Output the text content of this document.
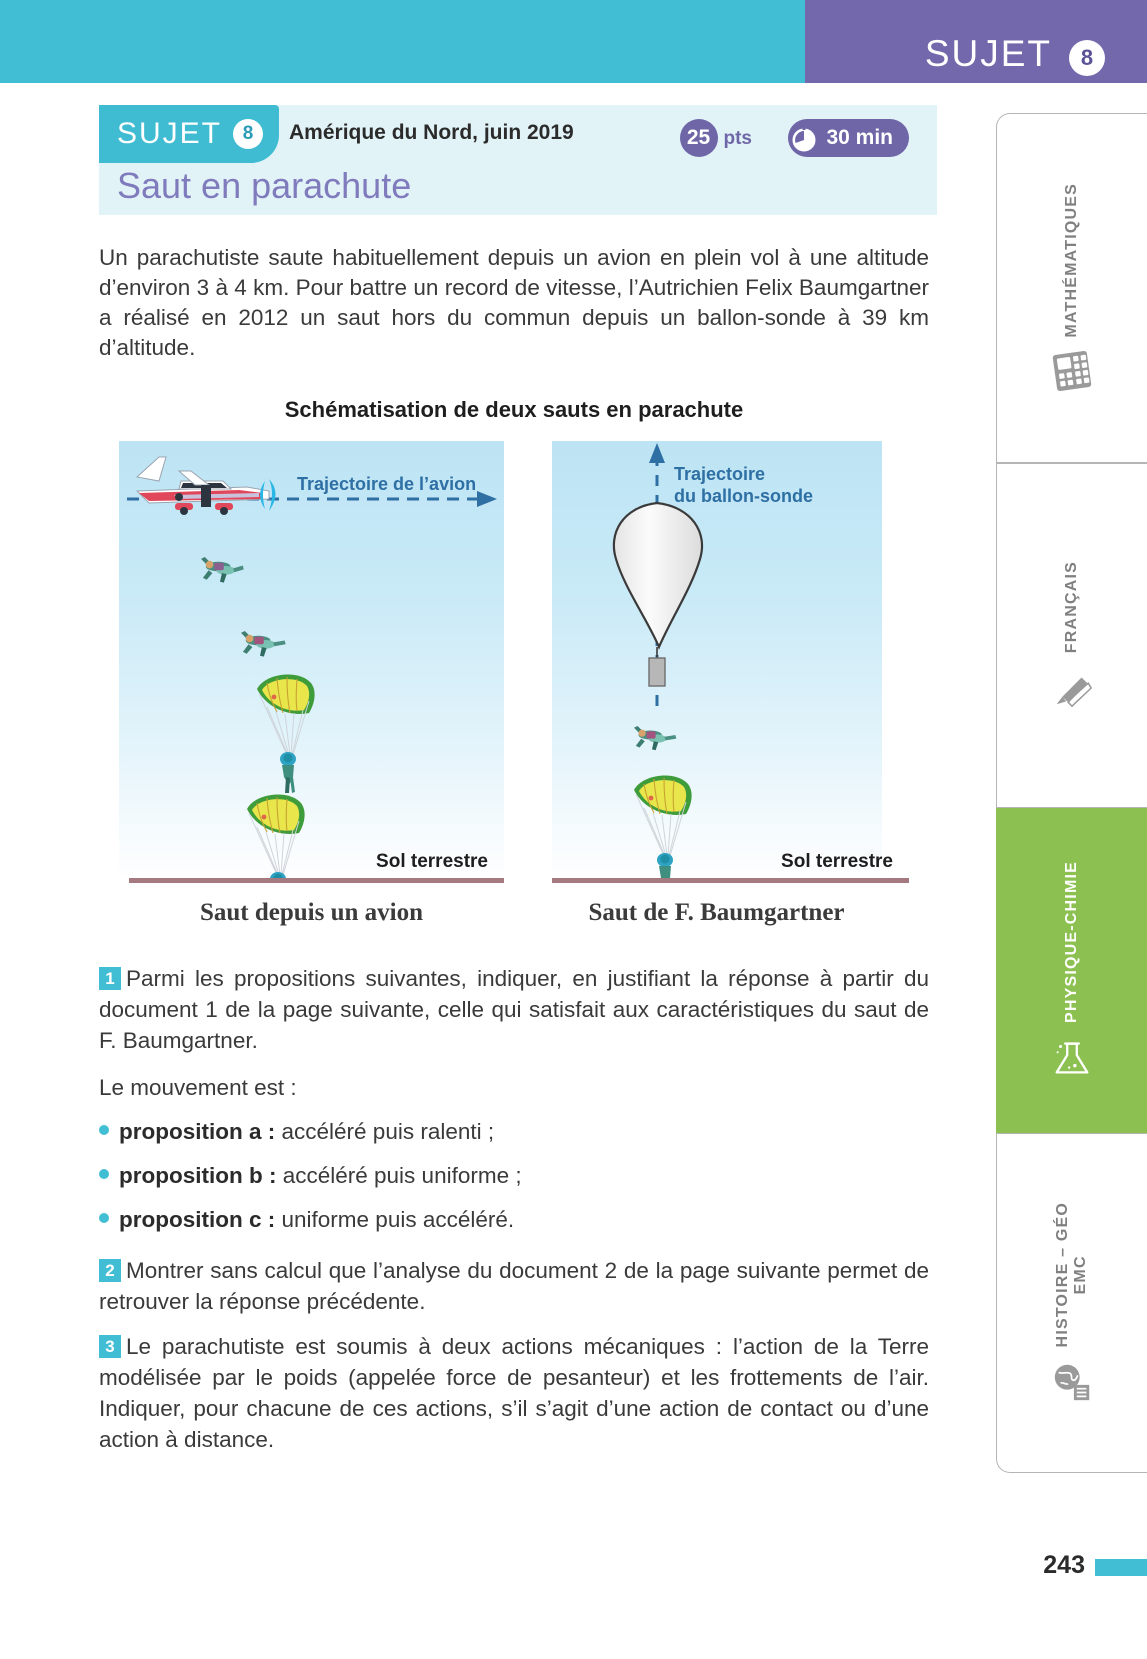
SUJET	8
MATHÉMATIQUES
FRANÇAIS
PHYSIQUE-CHIMIE
HISTOIRE – GÉO
EMC
SUJET	8	Amérique du Nord, juin 2019	25 pts	30 min
Saut en parachute

Un parachutiste saute habituellement depuis un avion en plein vol à une altitude d’environ 3 à 4 km. Pour battre un record de vitesse, l’Autrichien Felix Baumgartner a réalisé en 2012 un saut hors du commun depuis un ballon-sonde à 39 km d’altitude.

Schématisation de deux sauts en parachute
Trajectoire de l’avion
Sol terrestre
Saut depuis un avion
Trajectoire
du ballon-sonde
Sol terrestre
Saut de F. Baumgartner
1 Parmi les propositions suivantes, indiquer, en justifiant la réponse à partir du document 1 de la page suivante, celle qui satisfait aux caractéristiques du saut de F. Baumgartner.
Le mouvement est :
proposition a : accéléré puis ralenti ;
proposition b : accéléré puis uniforme ;
proposition c : uniforme puis accéléré.
2 Montrer sans calcul que l’analyse du document 2 de la page suivante permet de retrouver la réponse précédente.
3 Le parachutiste est soumis à deux actions mécaniques : l’action de la Terre modélisée par le poids (appelée force de pesanteur) et les frottements de l’air. Indiquer, pour chacune de ces actions, s’il s’agit d’une action de contact ou d’une action à distance.
243
